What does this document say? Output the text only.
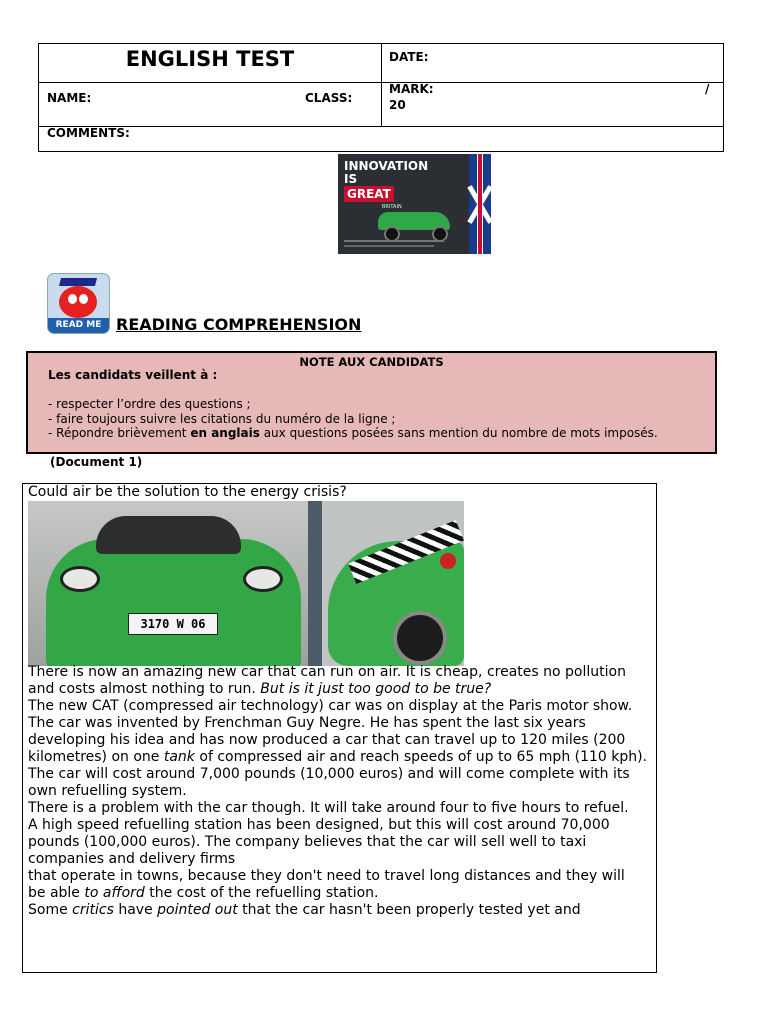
ENGLISH TEST	DATE:
NAME:	CLASS:
MARK:	/
20
COMMENTS:
INNOVATION
IS
GREAT
BRITAIN
READ ME READING COMPREHENSION
NOTE AUX CANDIDATS
Les candidats veillent à :
- respecter l’ordre des questions ;
- faire toujours suivre les citations du numéro de la ligne ;
- Répondre brièvement en anglais aux questions posées sans mention du nombre de mots imposés.
(Document 1)
Could air be the solution to the energy crisis?
3170 W 06

There is now an amazing new car that can run on air. It is cheap, creates no pollution

and costs almost nothing to run. But is it just too good to be true?

The new CAT (compressed air technology) car was on display at the Paris motor show. The car was invented by Frenchman Guy Negre. He has spent the last six years developing his idea and has now produced a car that can travel up to 120 miles (200 kilometres) on one tank of compressed air and reach speeds of up to 65 mph (110 kph). The car will cost around 7,000 pounds (10,000 euros) and will come complete with its own refuelling system.

There is a problem with the car though. It will take around four to five hours to refuel.

A high speed refuelling station has been designed, but this will cost around 70,000 pounds (100,000 euros). The company believes that the car will sell well to taxi companies and delivery firms

that operate in towns, because they don't need to travel long distances and they will

be able to afford the cost of the refuelling station.

Some critics have pointed out that the car hasn't been properly tested yet and
